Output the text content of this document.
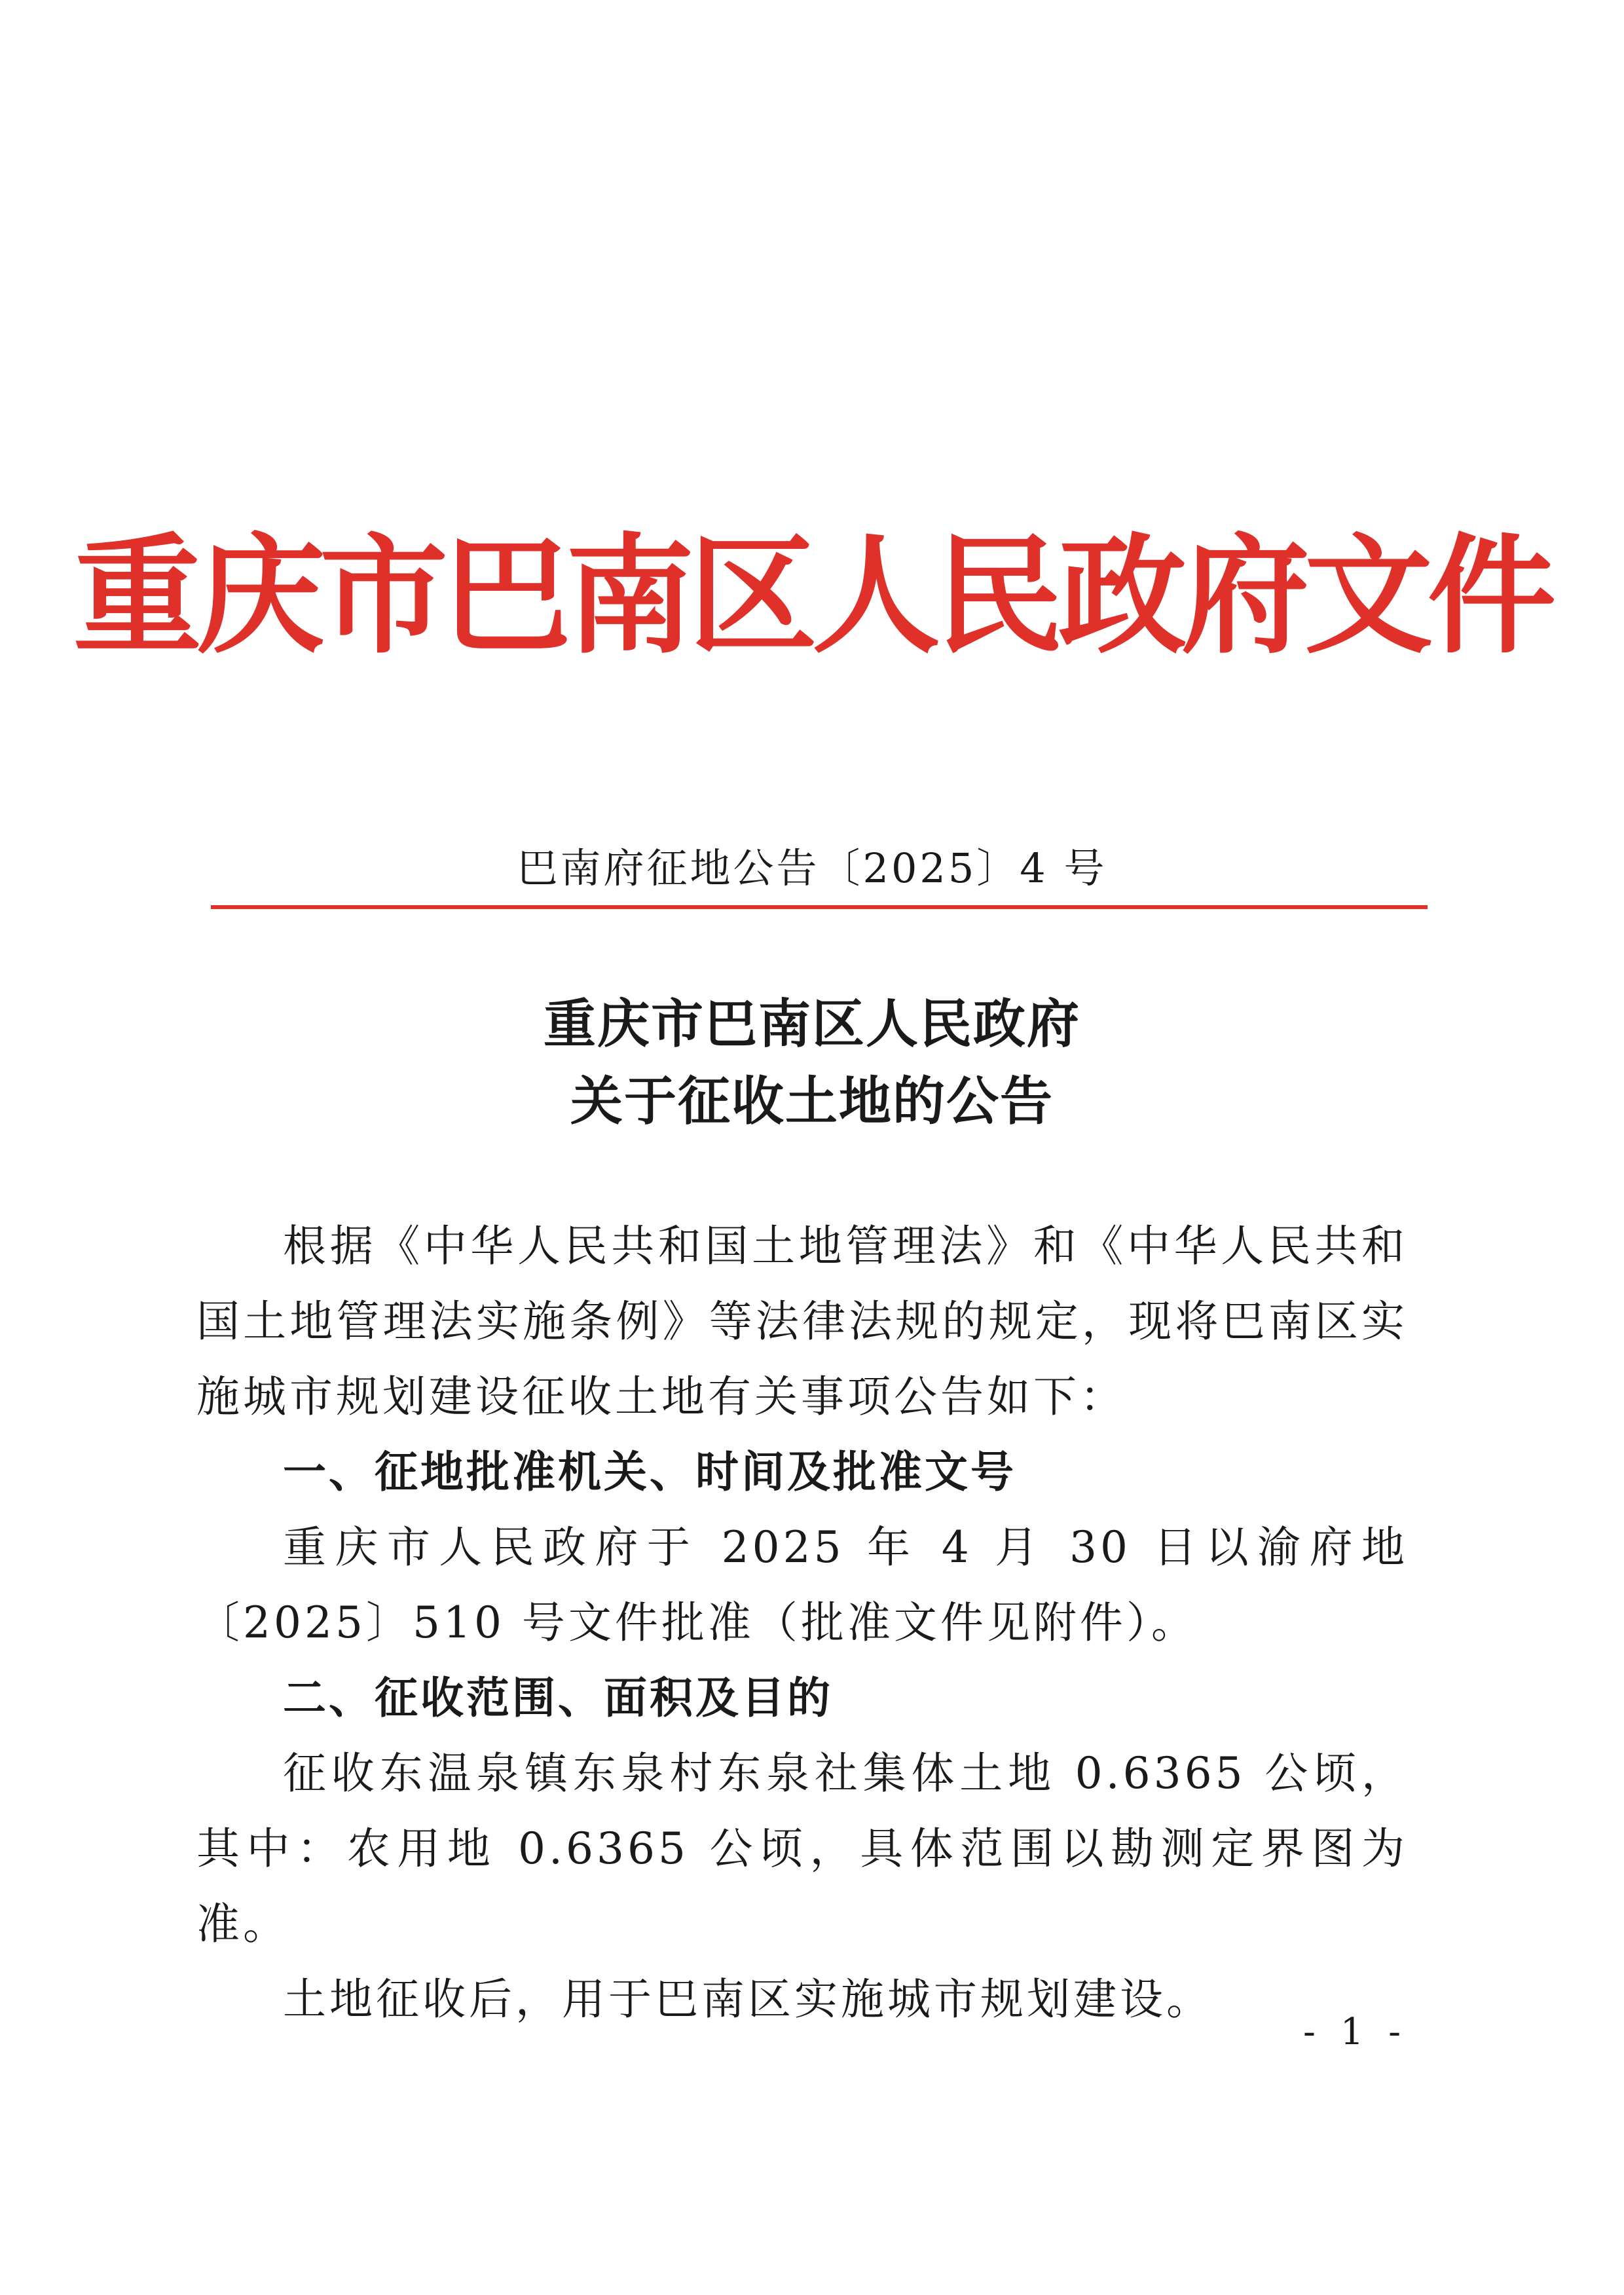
重庆市巴南区人民政府文件
巴南府征地公告〔2025〕4 号
重庆市巴南区人民政府
关于征收土地的公告

根据《中华人民共和国土地管理法》和《中华人民共和国土地管理法实施条例》等法律法规的规定，现将巴南区实施城市规划建设征收土地有关事项公告如下：

一、征地批准机关、时间及批准文号

重庆市人民政府于 2025 年 4 月 30 日以渝府地〔2025〕510 号文件批准（批准文件见附件）。

二、征收范围、面积及目的

征收东温泉镇东泉村东泉社集体土地 0.6365 公顷，其中：农用地 0.6365 公顷，具体范围以勘测定界图为准。

土地征收后，用于巴南区实施城市规划建设。

- 1 -
